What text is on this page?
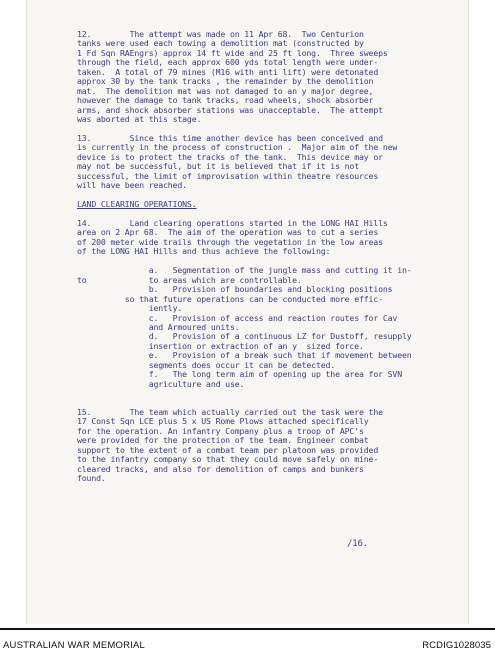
12.        The attempt was made on 11 Apr 68.  Two Centurion
tanks were used each towing a demolition mat (constructed by
1 Fd Sqn RAEngrs) approx 14 ft wide and 25 ft long.  Three sweeps
through the field, each approx 600 yds total length were under-
taken.  A total of 79 mines (M16 with anti lift) were detonated
approx 30 by the tank tracks , the remainder by the demolition
mat.  The demolition mat was not damaged to an y major degree,
however the damage to tank tracks, road wheels, shock absorber
arms, and shock absorber stations was unacceptable.  The attempt
was aborted at this stage.
13.        Since this time another device has been conceived and
is currently in the process of construction .  Major aim of the new
device is to protect the tracks of the tank.  This device may or
may not be successful, but it is believed that if it is not
successful, the limit of improvisation within theatre resources
will have been reached.
LAND CLEARING OPERATIONS.
14.        Land clearing operations started in the LONG HAI Hills
area on 2 Apr 68.  The aim of the operation was to cut a series
of 200 meter wide trails through the vegetation in the low areas
of the LONG HAI Hills and thus achieve the following:
a.   Segmentation of the jungle mass and cutting it in-
to             to areas which are controllable.
b.   Provision of boundaries and blocking positions
so that future operations can be conducted more effic-
iently.
c.   Provision of access and reaction routes for Cav
and Armoured units.
d.   Provision of a continuous LZ for Dustoff, resupply
insertion or extraction of an y  sized force.
e.   Provision of a break such that if movement between
segments does occur it can be detected.
f.   The long term aim of opening up the area for SVN
agriculture and use.
15.        The team which actually carried out the task were the
17 Const Sqn LCE plus 5 x US Rome Plows attached specifically
for the operation. An infantry Company plus a troop of APC's
were provided for the protection of the team. Engineer combat
support to the extent of a combat team per platoon was provided
to the infantry company so that they could move safely on mine-
cleared tracks, and also for demolition of camps and bunkers
found.
/16.
AUSTRALIAN WAR MEMORIAL	RCDIG1028035
